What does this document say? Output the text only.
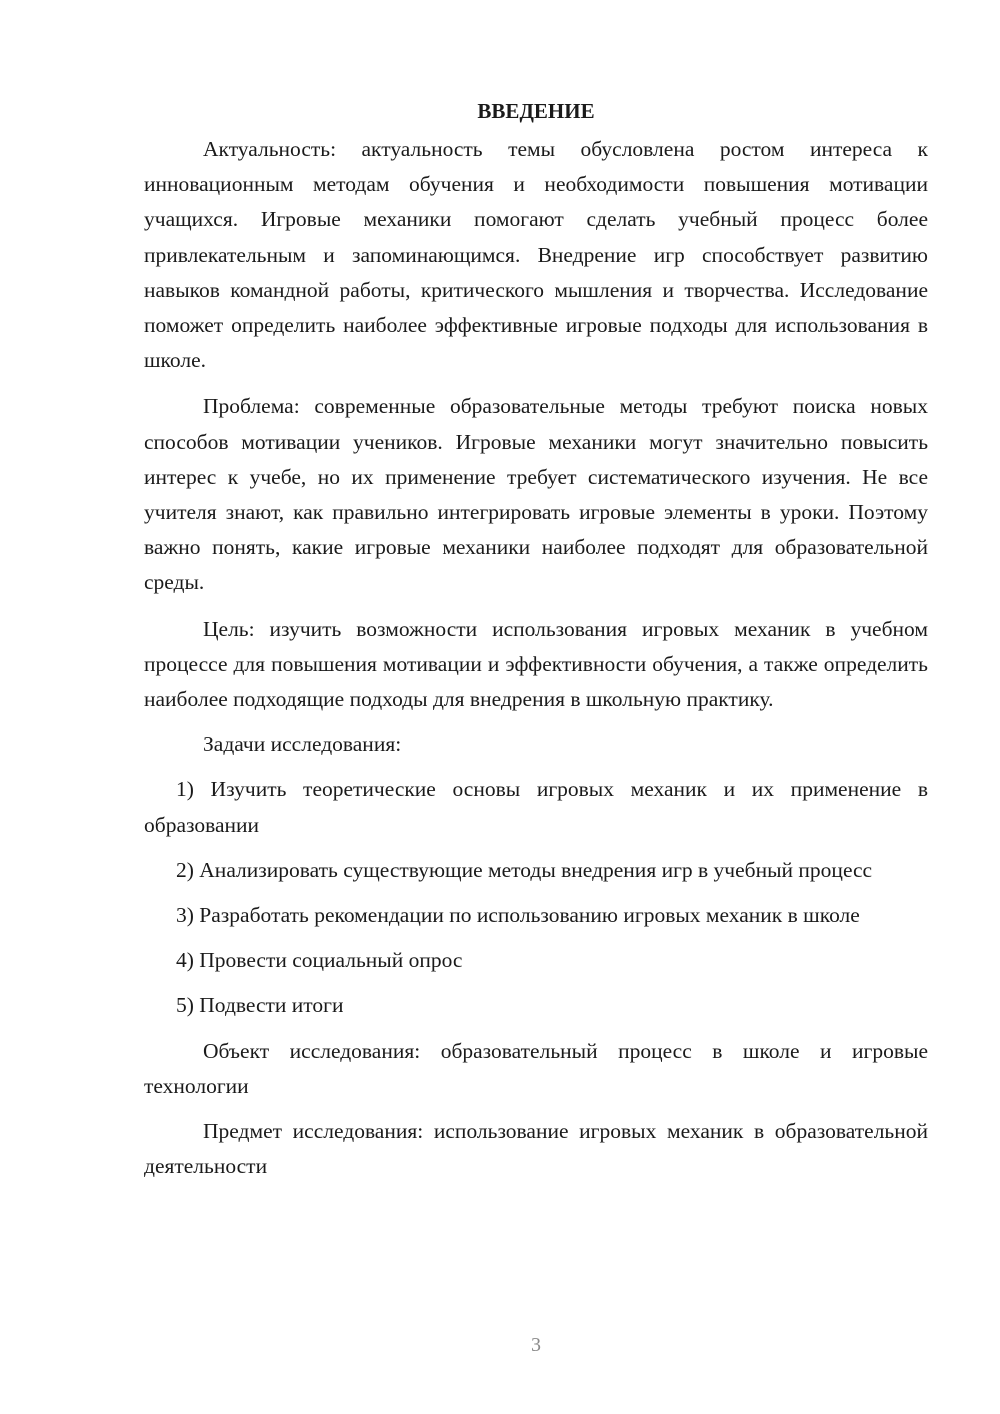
ВВЕДЕНИЕ

Актуальность: актуальность темы обусловлена ростом интереса к инновационным методам обучения и необходимости повышения мотивации учащихся. Игровые механики помогают сделать учебный процесс более привлекательным и запоминающимся. Внедрение игр способствует развитию навыков командной работы, критического мышления и творчества. Исследование поможет определить наиболее эффективные игровые подходы для использования в школе.

Проблема: современные образовательные методы требуют поиска новых способов мотивации учеников. Игровые механики могут значительно повысить интерес к учебе, но их применение требует систематического изучения. Не все учителя знают, как правильно интегрировать игровые элементы в уроки. Поэтому важно понять, какие игровые механики наиболее подходят для образовательной среды.

Цель: изучить возможности использования игровых механик в учебном процессе для повышения мотивации и эффективности обучения, а также определить наиболее подходящие подходы для внедрения в школьную практику.

Задачи исследования:

1) Изучить теоретические основы игровых механик и их применение в образовании

2) Анализировать существующие методы внедрения игр в учебный процесс

3) Разработать рекомендации по использованию игровых механик в школе

4) Провести социальный опрос

5) Подвести итоги

Объект исследования: образовательный процесс в школе и игровые технологии

Предмет исследования: использование игровых механик в образовательной деятельности

3
